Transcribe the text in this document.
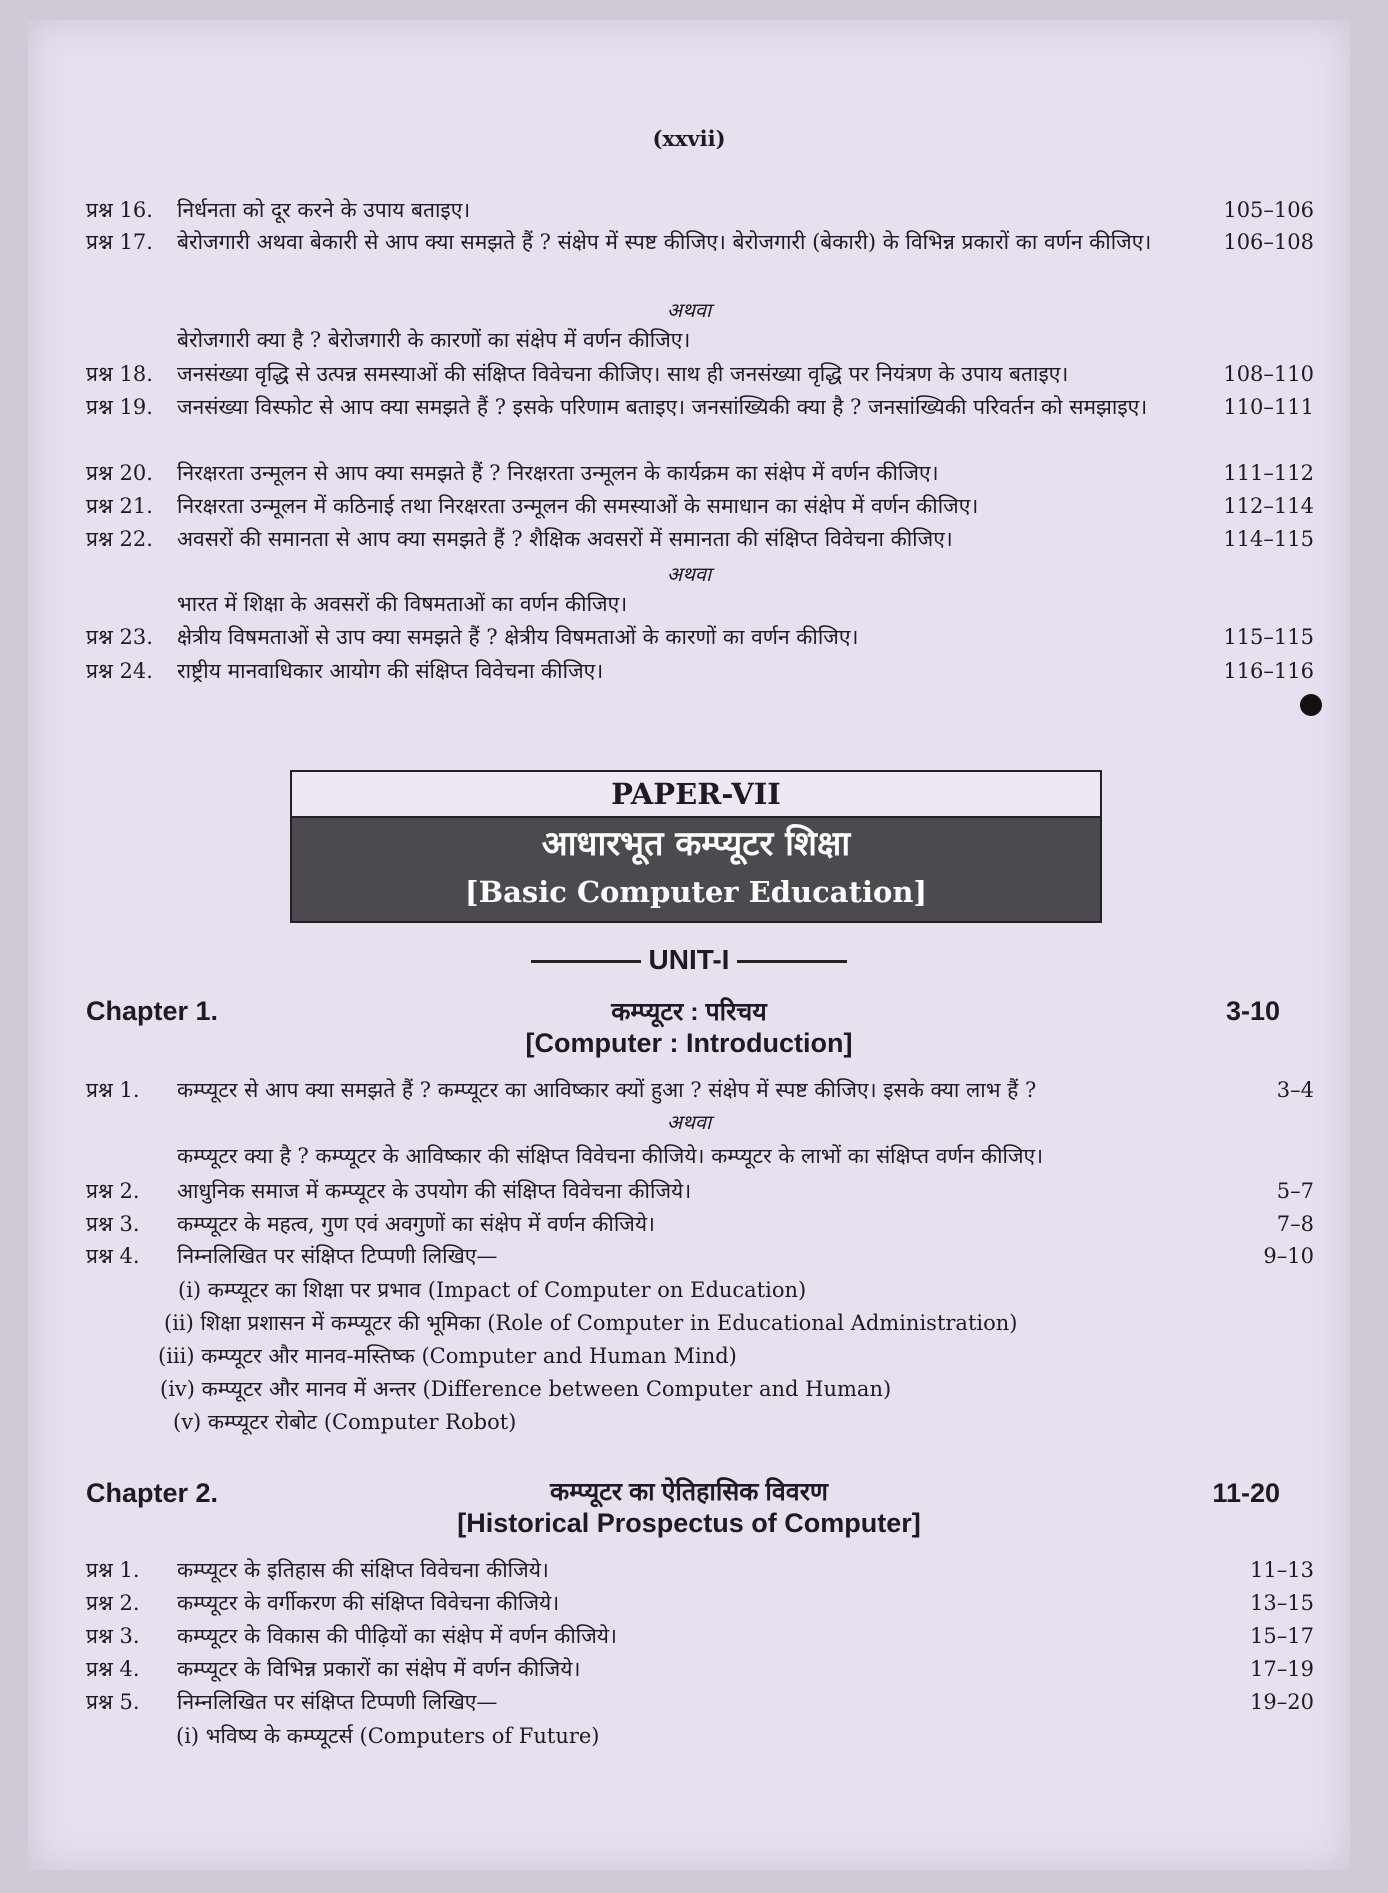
(xxvii)
प्रश्न 16. निर्धनता को दूर करने के उपाय बताइए।	105–106
प्रश्न 17. बेरोजगारी अथवा बेकारी से आप क्या समझते हैं ? संक्षेप में स्पष्ट कीजिए। बेरोजगारी (बेकारी) के विभिन्न प्रकारों का वर्णन कीजिए।	106–108
अथवा
बेरोजगारी क्या है ? बेरोजगारी के कारणों का संक्षेप में वर्णन कीजिए।
प्रश्न 18. जनसंख्या वृद्धि से उत्पन्न समस्याओं की संक्षिप्त विवेचना कीजिए। साथ ही जनसंख्या वृद्धि पर नियंत्रण के उपाय बताइए।	108–110
प्रश्न 19. जनसंख्या विस्फोट से आप क्या समझते हैं ? इसके परिणाम बताइए। जनसांख्यिकी क्या है ? जनसांख्यिकी परिवर्तन को समझाइए।	110–111
प्रश्न 20. निरक्षरता उन्मूलन से आप क्या समझते हैं ? निरक्षरता उन्मूलन के कार्यक्रम का संक्षेप में वर्णन कीजिए।	111–112
प्रश्न 21. निरक्षरता उन्मूलन में कठिनाई तथा निरक्षरता उन्मूलन की समस्याओं के समाधान का संक्षेप में वर्णन कीजिए।	112–114
प्रश्न 22. अवसरों की समानता से आप क्या समझते हैं ? शैक्षिक अवसरों में समानता की संक्षिप्त विवेचना कीजिए।	114–115
अथवा
भारत में शिक्षा के अवसरों की विषमताओं का वर्णन कीजिए।
प्रश्न 23. क्षेत्रीय विषमताओं से उाप क्या समझते हैं ? क्षेत्रीय विषमताओं के कारणों का वर्णन कीजिए।	115–115
प्रश्न 24. राष्ट्रीय मानवाधिकार आयोग की संक्षिप्त विवेचना कीजिए।	116–116
PAPER-VII
आधारभूत कम्प्यूटर शिक्षा
[Basic Computer Education]
UNIT-I
Chapter 1.	कम्प्यूटर : परिचय	3-10
[Computer : Introduction]
प्रश्न 1. कम्प्यूटर से आप क्या समझते हैं ? कम्प्यूटर का आविष्कार क्यों हुआ ? संक्षेप में स्पष्ट कीजिए। इसके क्या लाभ हैं ?	3–4
अथवा
कम्प्यूटर क्या है ? कम्प्यूटर के आविष्कार की संक्षिप्त विवेचना कीजिये। कम्प्यूटर के लाभों का संक्षिप्त वर्णन कीजिए।
प्रश्न 2. आधुनिक समाज में कम्प्यूटर के उपयोग की संक्षिप्त विवेचना कीजिये।	5–7
प्रश्न 3. कम्प्यूटर के महत्व, गुण एवं अवगुणों का संक्षेप में वर्णन कीजिये।	7–8
प्रश्न 4. निम्नलिखित पर संक्षिप्त टिप्पणी लिखिए—	9–10
(i) कम्प्यूटर का शिक्षा पर प्रभाव (Impact of Computer on Education)
(ii) शिक्षा प्रशासन में कम्प्यूटर की भूमिका (Role of Computer in Educational Administration)
(iii) कम्प्यूटर और मानव-मस्तिष्क (Computer and Human Mind)
(iv) कम्प्यूटर और मानव में अन्तर (Difference between Computer and Human)
(v) कम्प्यूटर रोबोट (Computer Robot)
Chapter 2.	कम्प्यूटर का ऐतिहासिक विवरण	11-20
[Historical Prospectus of Computer]
प्रश्न 1. कम्प्यूटर के इतिहास की संक्षिप्त विवेचना कीजिये।	11–13
प्रश्न 2. कम्प्यूटर के वर्गीकरण की संक्षिप्त विवेचना कीजिये।	13–15
प्रश्न 3. कम्प्यूटर के विकास की पीढ़ियों का संक्षेप में वर्णन कीजिये।	15–17
प्रश्न 4. कम्प्यूटर के विभिन्न प्रकारों का संक्षेप में वर्णन कीजिये।	17–19
प्रश्न 5. निम्नलिखित पर संक्षिप्त टिप्पणी लिखिए—	19–20
(i) भविष्य के कम्प्यूटर्स (Computers of Future)
